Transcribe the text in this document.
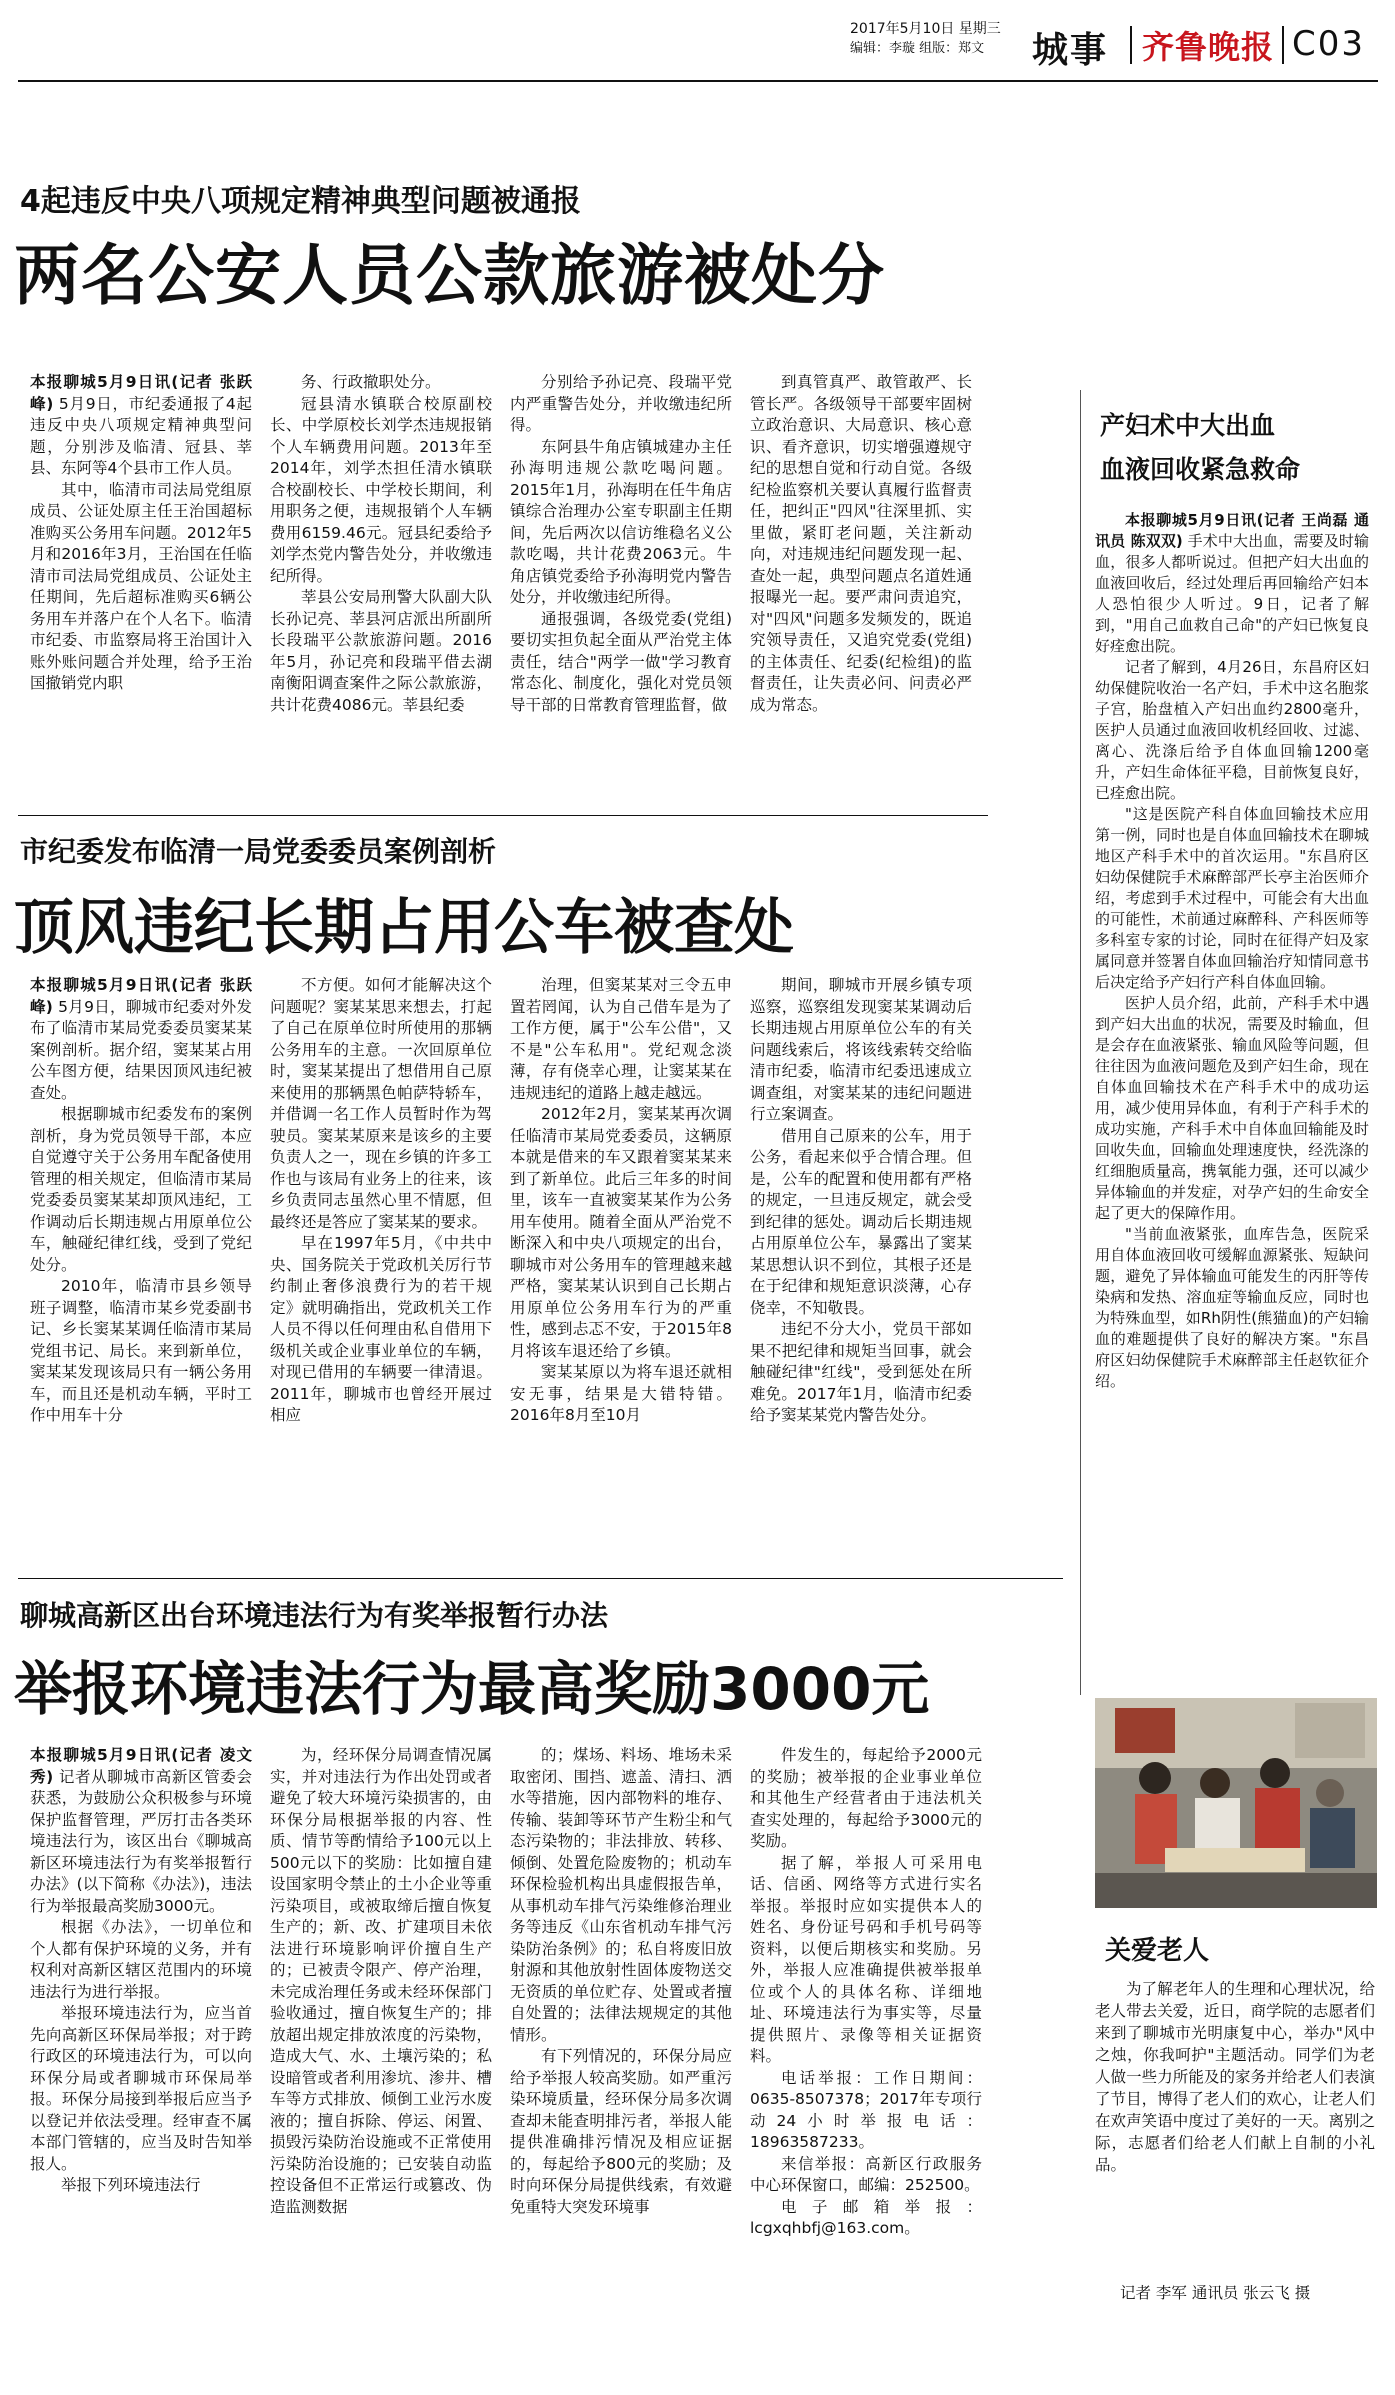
2017年5月10日 星期三
编辑：李璇 组版：郑文 城事 齐鲁晚报 C03
4起违反中央八项规定精神典型问题被通报
两名公安人员公款旅游被处分

本报聊城5月9日讯(记者 张跃峰) 5月9日，市纪委通报了4起违反中央八项规定精神典型问题，分别涉及临清、冠县、莘县、东阿等4个县市工作人员。

其中，临清市司法局党组原成员、公证处原主任王治国超标准购买公务用车问题。2012年5月和2016年3月，王治国在任临清市司法局党组成员、公证处主任期间，先后超标准购买6辆公务用车并落户在个人名下。临清市纪委、市监察局将王治国计入账外账问题合并处理，给予王治国撤销党内职

务、行政撤职处分。

冠县清水镇联合校原副校长、中学原校长刘学杰违规报销个人车辆费用问题。2013年至2014年，刘学杰担任清水镇联合校副校长、中学校长期间，利用职务之便，违规报销个人车辆费用6159.46元。冠县纪委给予刘学杰党内警告处分，并收缴违纪所得。

莘县公安局刑警大队副大队长孙记亮、莘县河店派出所副所长段瑞平公款旅游问题。2016年5月，孙记亮和段瑞平借去湖南衡阳调查案件之际公款旅游，共计花费4086元。莘县纪委

分别给予孙记亮、段瑞平党内严重警告处分，并收缴违纪所得。

东阿县牛角店镇城建办主任孙海明违规公款吃喝问题。2015年1月，孙海明在任牛角店镇综合治理办公室专职副主任期间，先后两次以信访维稳名义公款吃喝，共计花费2063元。牛角店镇党委给予孙海明党内警告处分，并收缴违纪所得。

通报强调，各级党委(党组)要切实担负起全面从严治党主体责任，结合"两学一做"学习教育常态化、制度化，强化对党员领导干部的日常教育管理监督，做

到真管真严、敢管敢严、长管长严。各级领导干部要牢固树立政治意识、大局意识、核心意识、看齐意识，切实增强遵规守纪的思想自觉和行动自觉。各级纪检监察机关要认真履行监督责任，把纠正"四风"往深里抓、实里做，紧盯老问题，关注新动向，对违规违纪问题发现一起、查处一起，典型问题点名道姓通报曝光一起。要严肃问责追究，对"四风"问题多发频发的，既追究领导责任，又追究党委(党组)的主体责任、纪委(纪检组)的监督责任，让失责必问、问责必严成为常态。

产妇术中大出血
血液回收紧急救命

本报聊城5月9日讯(记者 王尚磊 通讯员 陈双双) 手术中大出血，需要及时输血，很多人都听说过。但把产妇大出血的血液回收后，经过处理后再回输给产妇本人恐怕很少人听过。9日，记者了解到，"用自己血救自己命"的产妇已恢复良好痊愈出院。

记者了解到，4月26日，东昌府区妇幼保健院收治一名产妇，手术中这名胞浆子宫，胎盘植入产妇出血约2800毫升，医护人员通过血液回收机经回收、过滤、离心、洗涤后给予自体血回输1200毫升，产妇生命体征平稳，目前恢复良好，已痊愈出院。

"这是医院产科自体血回输技术应用第一例，同时也是自体血回输技术在聊城地区产科手术中的首次运用。"东昌府区妇幼保健院手术麻醉部严长亭主治医师介绍，考虑到手术过程中，可能会有大出血的可能性，术前通过麻醉科、产科医师等多科室专家的讨论，同时在征得产妇及家属同意并签署自体血回输治疗知情同意书后决定给予产妇行产科自体血回输。

医护人员介绍，此前，产科手术中遇到产妇大出血的状况，需要及时输血，但是会存在血液紧张、输血风险等问题，但往往因为血液问题危及到产妇生命，现在自体血回输技术在产科手术中的成功运用，减少使用异体血，有利于产科手术的成功实施，产科手术中自体血回输能及时回收失血，回输血处理速度快，经洗涤的红细胞质量高，携氧能力强，还可以减少异体输血的并发症，对孕产妇的生命安全起了更大的保障作用。

"当前血液紧张，血库告急，医院采用自体血液回收可缓解血源紧张、短缺问题，避免了异体输血可能发生的丙肝等传染病和发热、溶血症等输血反应，同时也为特殊血型，如Rh阴性(熊猫血)的产妇输血的难题提供了良好的解决方案。"东昌府区妇幼保健院手术麻醉部主任赵钦征介绍。

市纪委发布临清一局党委委员案例剖析
顶风违纪长期占用公车被查处

本报聊城5月9日讯(记者 张跃峰) 5月9日，聊城市纪委对外发布了临清市某局党委委员窦某某案例剖析。据介绍，窦某某占用公车图方便，结果因顶风违纪被查处。

根据聊城市纪委发布的案例剖析，身为党员领导干部，本应自觉遵守关于公务用车配备使用管理的相关规定，但临清市某局党委委员窦某某却顶风违纪，工作调动后长期违规占用原单位公车，触碰纪律红线，受到了党纪处分。

2010年，临清市县乡领导班子调整，临清市某乡党委副书记、乡长窦某某调任临清市某局党组书记、局长。来到新单位，窦某某发现该局只有一辆公务用车，而且还是机动车辆，平时工作中用车十分

不方便。如何才能解决这个问题呢？窦某某思来想去，打起了自己在原单位时所使用的那辆公务用车的主意。一次回原单位时，窦某某提出了想借用自己原来使用的那辆黑色帕萨特轿车，并借调一名工作人员暂时作为驾驶员。窦某某原来是该乡的主要负责人之一，现在乡镇的许多工作也与该局有业务上的往来，该乡负责同志虽然心里不情愿，但最终还是答应了窦某某的要求。

早在1997年5月，《中共中央、国务院关于党政机关厉行节约制止奢侈浪费行为的若干规定》就明确指出，党政机关工作人员不得以任何理由私自借用下级机关或企业事业单位的车辆，对现已借用的车辆要一律清退。2011年，聊城市也曾经开展过相应

治理，但窦某某对三令五申置若罔闻，认为自己借车是为了工作方便，属于"公车公借"，又不是"公车私用"。党纪观念淡薄，存有侥幸心理，让窦某某在违规违纪的道路上越走越远。

2012年2月，窦某某再次调任临清市某局党委委员，这辆原本就是借来的车又跟着窦某某来到了新单位。此后三年多的时间里，该车一直被窦某某作为公务用车使用。随着全面从严治党不断深入和中央八项规定的出台，聊城市对公务用车的管理越来越严格，窦某某认识到自己长期占用原单位公务用车行为的严重性，感到忐忑不安，于2015年8月将该车退还给了乡镇。

窦某某原以为将车退还就相安无事，结果是大错特错。2016年8月至10月

期间，聊城市开展乡镇专项巡察，巡察组发现窦某某调动后长期违规占用原单位公车的有关问题线索后，将该线索转交给临清市纪委，临清市纪委迅速成立调查组，对窦某某的违纪问题进行立案调查。

借用自己原来的公车，用于公务，看起来似乎合情合理。但是，公车的配置和使用都有严格的规定，一旦违反规定，就会受到纪律的惩处。调动后长期违规占用原单位公车，暴露出了窦某某思想认识不到位，其根子还是在于纪律和规矩意识淡薄，心存侥幸，不知敬畏。

违纪不分大小，党员干部如果不把纪律和规矩当回事，就会触碰纪律"红线"，受到惩处在所难免。2017年1月，临清市纪委给予窦某某党内警告处分。

聊城高新区出台环境违法行为有奖举报暂行办法
举报环境违法行为最高奖励3000元

本报聊城5月9日讯(记者 凌文秀) 记者从聊城市高新区管委会获悉，为鼓励公众积极参与环境保护监督管理，严厉打击各类环境违法行为，该区出台《聊城高新区环境违法行为有奖举报暂行办法》(以下简称《办法》)，违法行为举报最高奖励3000元。

根据《办法》，一切单位和个人都有保护环境的义务，并有权利对高新区辖区范围内的环境违法行为进行举报。

举报环境违法行为，应当首先向高新区环保局举报；对于跨行政区的环境违法行为，可以向环保分局或者聊城市环保局举报。环保分局接到举报后应当予以登记并依法受理。经审查不属本部门管辖的，应当及时告知举报人。

举报下列环境违法行

为，经环保分局调查情况属实，并对违法行为作出处罚或者避免了较大环境污染损害的，由环保分局根据举报的内容、性质、情节等酌情给予100元以上500元以下的奖励：比如擅自建设国家明令禁止的土小企业等重污染项目，或被取缔后擅自恢复生产的；新、改、扩建项目未依法进行环境影响评价擅自生产的；已被责令限产、停产治理，未完成治理任务或未经环保部门验收通过，擅自恢复生产的；排放超出规定排放浓度的污染物，造成大气、水、土壤污染的；私设暗管或者利用渗坑、渗井、槽车等方式排放、倾倒工业污水废液的；擅自拆除、停运、闲置、损毁污染防治设施或不正常使用污染防治设施的；已安装自动监控设备但不正常运行或篡改、伪造监测数据

的；煤场、料场、堆场未采取密闭、围挡、遮盖、清扫、洒水等措施，因内部物料的堆存、传输、装卸等环节产生粉尘和气态污染物的；非法排放、转移、倾倒、处置危险废物的；机动车环保检验机构出具虚假报告单，从事机动车排气污染维修治理业务等违反《山东省机动车排气污染防治条例》的；私自将废旧放射源和其他放射性固体废物送交无资质的单位贮存、处置或者擅自处置的；法律法规规定的其他情形。

有下列情况的，环保分局应给予举报人较高奖励。如严重污染环境质量，经环保分局多次调查却未能查明排污者，举报人能提供准确排污情况及相应证据的，每起给予800元的奖励；及时向环保分局提供线索，有效避免重特大突发环境事

件发生的，每起给予2000元的奖励；被举报的企业事业单位和其他生产经营者由于违法机关查实处理的，每起给予3000元的奖励。

据了解，举报人可采用电话、信函、网络等方式进行实名举报。举报时应如实提供本人的姓名、身份证号码和手机号码等资料，以便后期核实和奖励。另外，举报人应准确提供被举报单位或个人的具体名称、详细地址、环境违法行为事实等，尽量提供照片、录像等相关证据资料。

电话举报：工作日期间：0635-8507378；2017年专项行动24小时举报电话：18963587233。

来信举报：高新区行政服务中心环保窗口，邮编：252500。

电子邮箱举报：lcgxqhbfj@163.com。

关爱老人

为了解老年人的生理和心理状况，给老人带去关爱，近日，商学院的志愿者们来到了聊城市光明康复中心，举办"风中之烛，你我呵护"主题活动。同学们为老人做一些力所能及的家务并给老人们表演了节目，博得了老人们的欢心，让老人们在欢声笑语中度过了美好的一天。离别之际，志愿者们给老人们献上自制的小礼品。

记者 李军 通讯员 张云飞 摄
